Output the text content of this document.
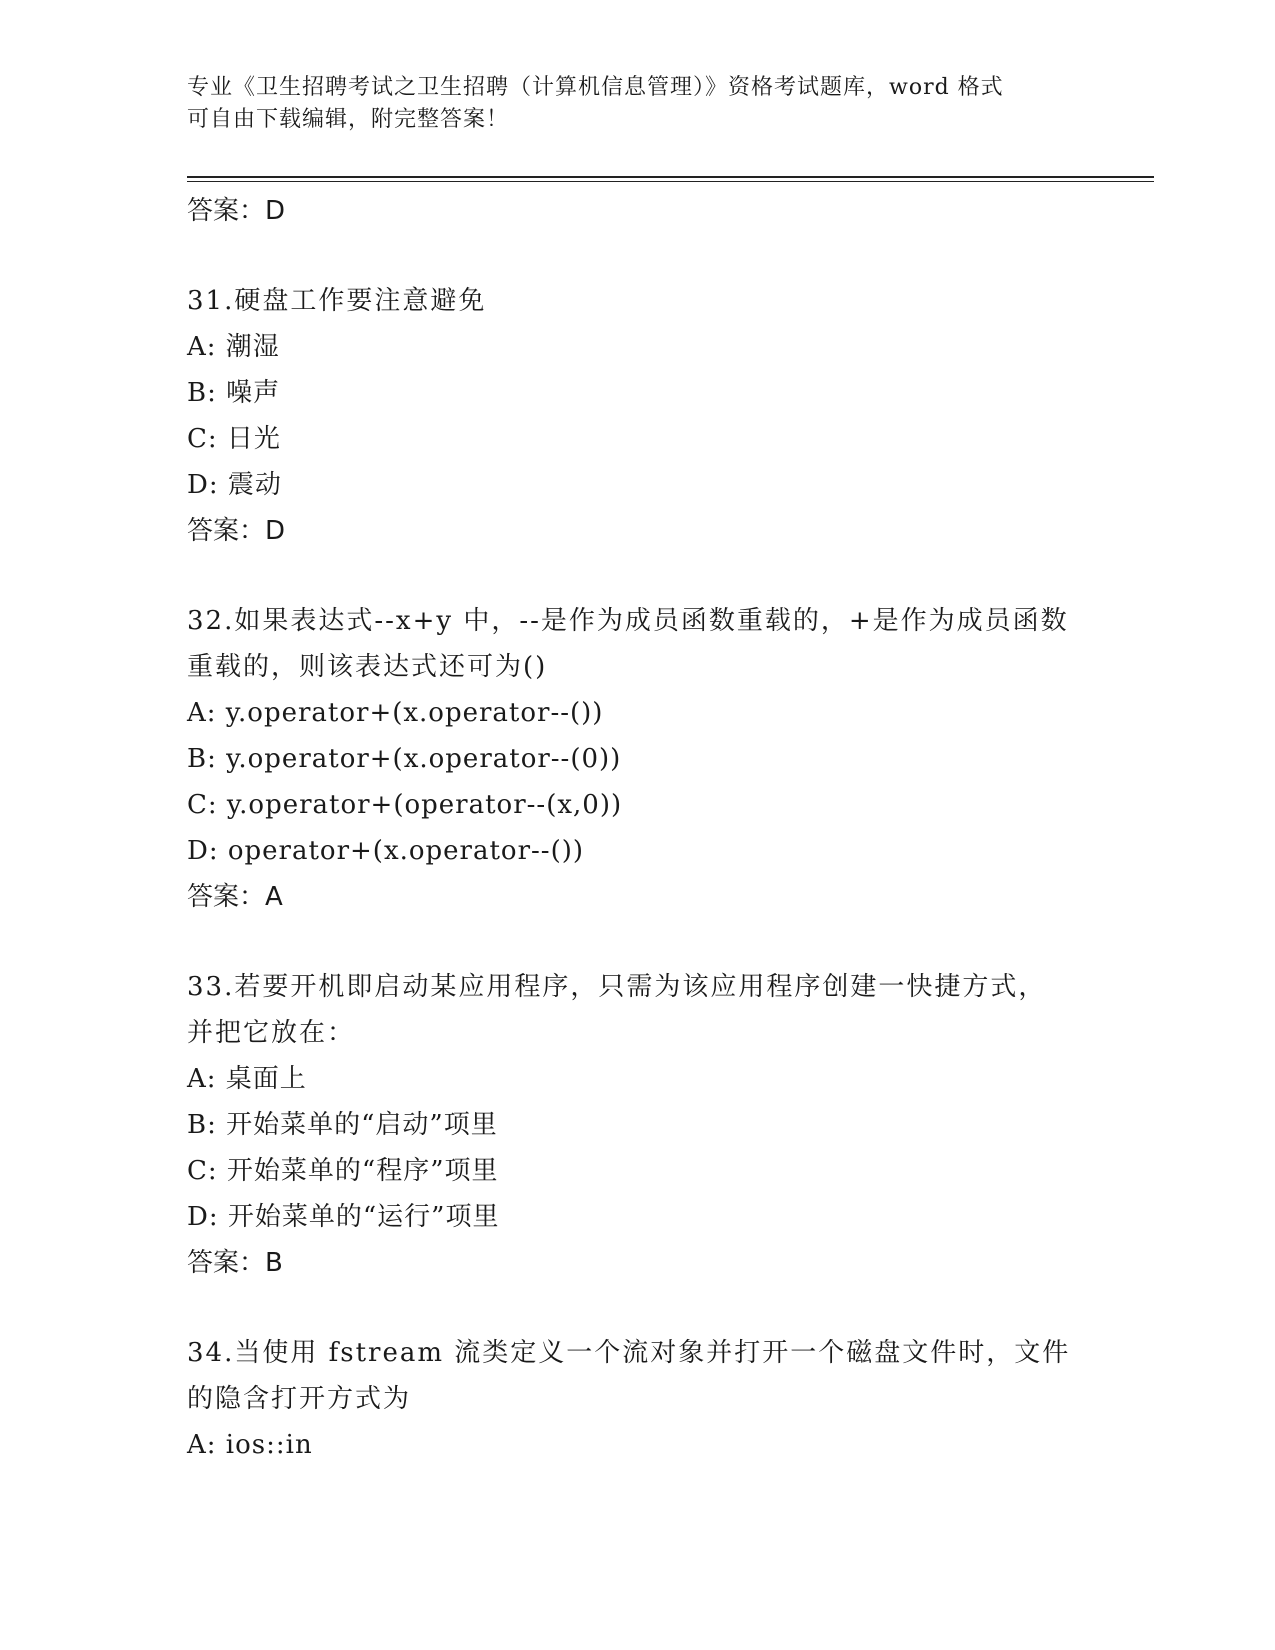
专业《卫生招聘考试之卫生招聘（计算机信息管理）》资格考试题库，word 格式
可自由下载编辑，附完整答案！
答案：D
31.硬盘工作要注意避免
A: 潮湿
B: 噪声
C: 日光
D: 震动
答案：D
32.如果表达式--x+y 中，--是作为成员函数重载的，+是作为成员函数
重载的，则该表达式还可为()
A: y.operator+(x.operator--())
B: y.operator+(x.operator--(0))
C: y.operator+(operator--(x,0))
D: operator+(x.operator--())
答案：A
33.若要开机即启动某应用程序，只需为该应用程序创建一快捷方式，
并把它放在：
A: 桌面上
B: 开始菜单的“启动”项里
C: 开始菜单的“程序”项里
D: 开始菜单的“运行”项里
答案：B
34.当使用 fstream 流类定义一个流对象并打开一个磁盘文件时，文件
的隐含打开方式为
A: ios::in
